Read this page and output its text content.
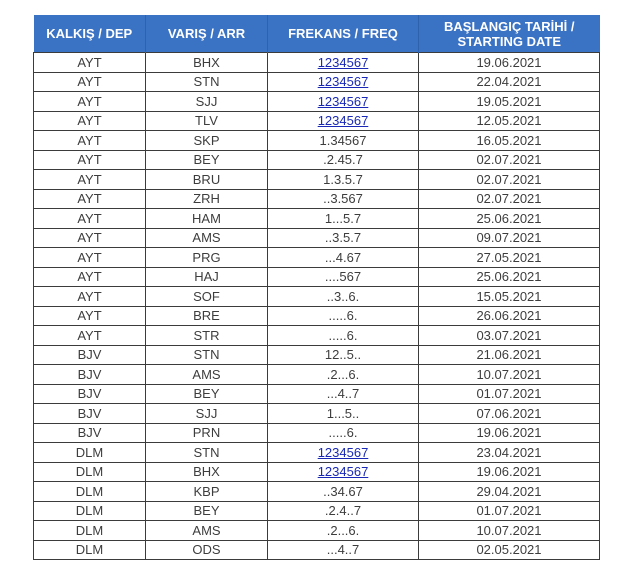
KALKIŞ / DEP	VARIŞ / ARR	FREKANS / FREQ	BAŞLANGIÇ TARİHİ /
STARTING DATE

AYT	BHX	1234567	19.06.2021
AYT	STN	1234567	22.04.2021
AYT	SJJ	1234567	19.05.2021
AYT	TLV	1234567	12.05.2021
AYT	SKP	1.34567	16.05.2021
AYT	BEY	.2.45.7	02.07.2021
AYT	BRU	1.3.5.7	02.07.2021
AYT	ZRH	..3.567	02.07.2021
AYT	HAM	1...5.7	25.06.2021
AYT	AMS	..3.5.7	09.07.2021
AYT	PRG	...4.67	27.05.2021
AYT	HAJ	....567	25.06.2021
AYT	SOF	..3..6.	15.05.2021
AYT	BRE	.....6.	26.06.2021
AYT	STR	.....6.	03.07.2021
BJV	STN	12..5..	21.06.2021
BJV	AMS	.2...6.	10.07.2021
BJV	BEY	...4..7	01.07.2021
BJV	SJJ	1...5..	07.06.2021
BJV	PRN	.....6.	19.06.2021
DLM	STN	1234567	23.04.2021
DLM	BHX	1234567	19.06.2021
DLM	KBP	..34.67	29.04.2021
DLM	BEY	.2.4..7	01.07.2021
DLM	AMS	.2...6.	10.07.2021
DLM	ODS	...4..7	02.05.2021
